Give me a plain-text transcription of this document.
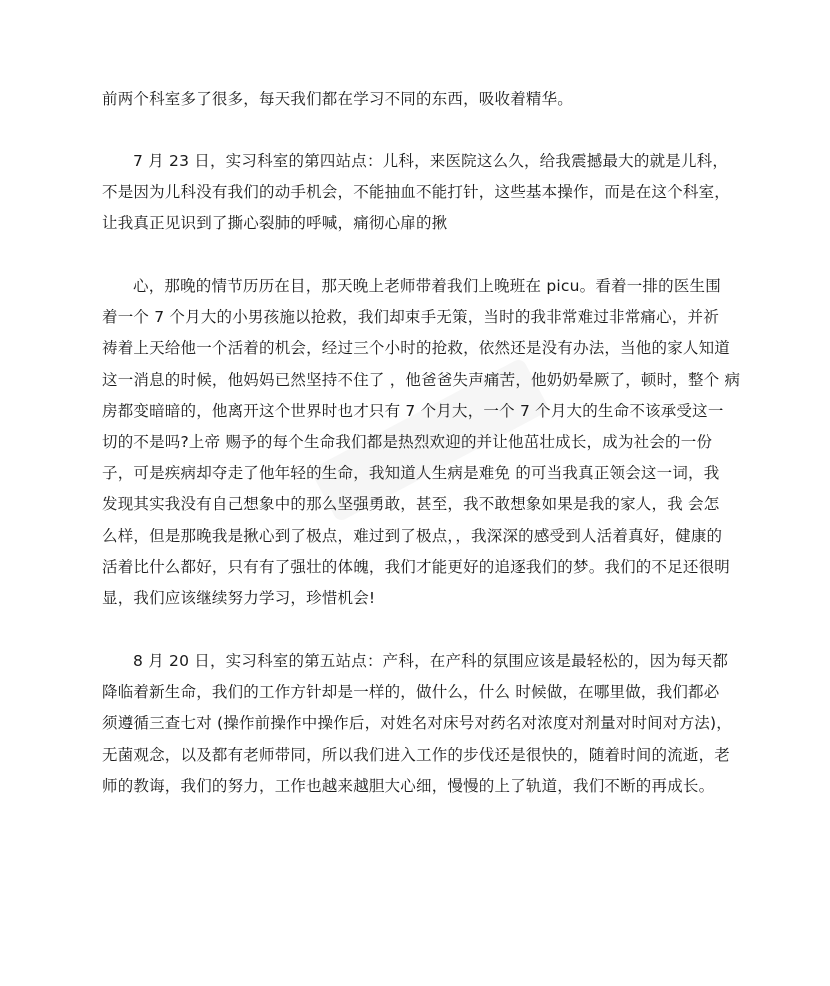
前两个科室多了很多，每天我们都在学习不同的东西，吸收着精华。

7 月 23 日，实习科室的第四站点：儿科，来医院这么久，给我震撼最大的就是儿科，
不是因为儿科没有我们的动手机会，不能抽血不能打针，这些基本操作，而是在这个科室，
让我真正见识到了撕心裂肺的呼喊，痛彻心扉的揪

心，那晚的情节历历在目，那天晚上老师带着我们上晚班在 picu。看着一排的医生围
着一个 7 个月大的小男孩施以抢救，我们却束手无策，当时的我非常难过非常痛心，并祈
祷着上天给他一个活着的机会，经过三个小时的抢救，依然还是没有办法，当他的家人知道
这一消息的时候，他妈妈已然坚持不住了 ，他爸爸失声痛苦，他奶奶晕厥了，顿时，整个 病
房都变暗暗的，他离开这个世界时也才只有 7 个月大，一个 7 个月大的生命不该承受这一
切的不是吗?上帝 赐予的每个生命我们都是热烈欢迎的并让他茁壮成长，成为社会的一份
子，可是疾病却夺走了他年轻的生命，我知道人生病是难免 的可当我真正领会这一词，我
发现其实我没有自己想象中的那么坚强勇敢，甚至，我不敢想象如果是我的家人，我 会怎
么样，但是那晚我是揪心到了极点，难过到了极点，，我深深的感受到人活着真好，健康的
活着比什么都好，只有有了强壮的体魄，我们才能更好的追逐我们的梦。我们的不足还很明
显，我们应该继续努力学习，珍惜机会!

8 月 20 日，实习科室的第五站点：产科，在产科的氛围应该是最轻松的，因为每天都
降临着新生命，我们的工作方针却是一样的，做什么，什么 时候做，在哪里做，我们都必
须遵循三查七对 (操作前操作中操作后，对姓名对床号对药名对浓度对剂量对时间对方法)，
无菌观念，以及都有老师带同，所以我们进入工作的步伐还是很快的，随着时间的流逝，老
师的教诲，我们的努力，工作也越来越胆大心细，慢慢的上了轨道，我们不断的再成长。
